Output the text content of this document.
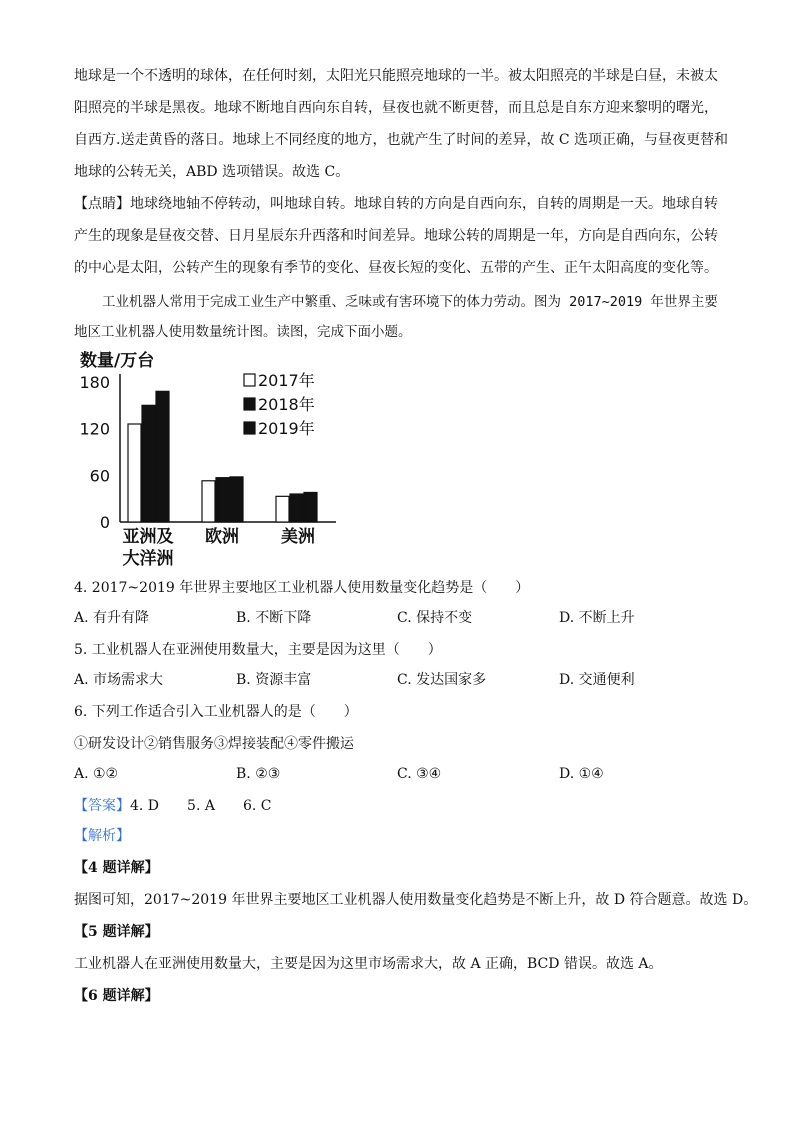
地球是一个不透明的球体，在任何时刻，太阳光只能照亮地球的一半。被太阳照亮的半球是白昼，未被太
阳照亮的半球是黑夜。地球不断地自西向东自转，昼夜也就不断更替，而且总是自东方迎来黎明的曙光，
自西方.送走黄昏的落日。地球上不同经度的地方，也就产生了时间的差异，故 C 选项正确，与昼夜更替和
地球的公转无关，ABD 选项错误。故选 C。
【点睛】地球绕地轴不停转动，叫地球自转。地球自转的方向是自西向东，自转的周期是一天。地球自转
产生的现象是昼夜交替、日月星辰东升西落和时间差异。地球公转的周期是一年，方向是自西向东，公转
的中心是太阳，公转产生的现象有季节的变化、昼夜长短的变化、五带的产生、正午太阳高度的变化等。
工业机器人常用于完成工业生产中繁重、乏味或有害环境下的体力劳动。图为 2017~2019 年世界主要
地区工业机器人使用数量统计图。读图，完成下面小题。
数量/万台
180
120
60
0
亚洲及
大洋洲
欧洲 美洲
2017年
2018年
2019年
4. 2017~2019 年世界主要地区工业机器人使用数量变化趋势是（　　）
A. 有升有降	B. 不断下降	C. 保持不变	D. 不断上升
5. 工业机器人在亚洲使用数量大，主要是因为这里（　　）
A. 市场需求大	B. 资源丰富	C. 发达国家多	D. 交通便利
6. 下列工作适合引入工业机器人的是（　　）
①研发设计②销售服务③焊接装配④零件搬运
A. ①②	B. ②③	C. ③④	D. ①④
【答案】4. D　　5. A　　6. C
【解析】
【4 题详解】
据图可知，2017~2019 年世界主要地区工业机器人使用数量变化趋势是不断上升，故 D 符合题意。故选 D。
【5 题详解】
工业机器人在亚洲使用数量大，主要是因为这里市场需求大，故 A 正确，BCD 错误。故选 A。
【6 题详解】
